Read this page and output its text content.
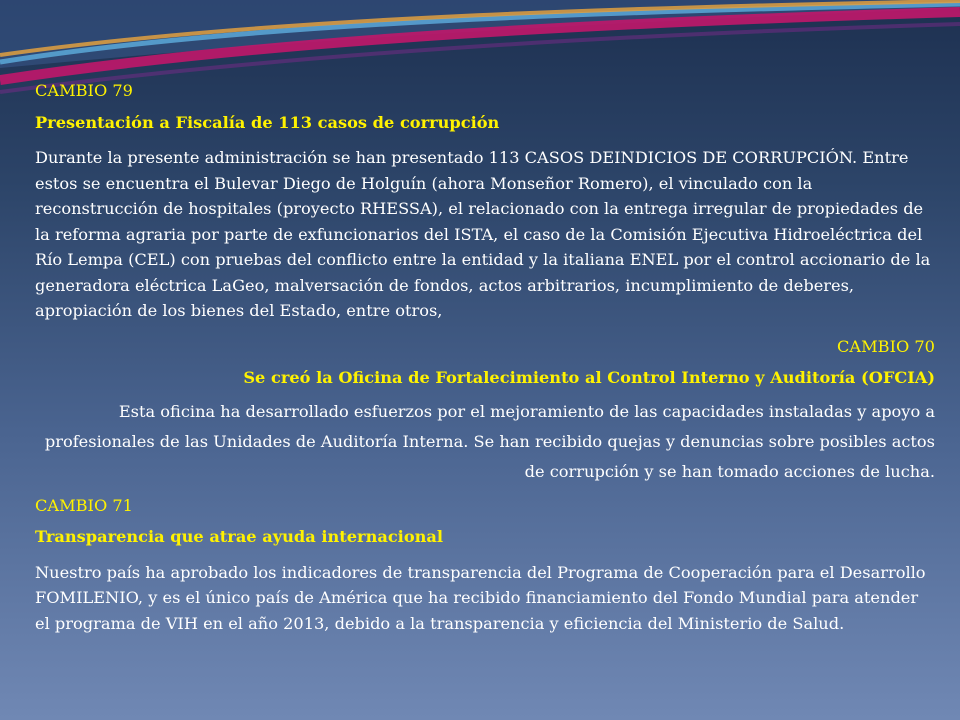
CAMBIO 79

Presentación a Fiscalía de 113 casos de corrupción

Durante la presente administración se han presentado 113 CASOS DEINDICIOS DE CORRUPCIÓN. Entre estos se encuentra el Bulevar Diego de Holguín (ahora Monseñor Romero), el vinculado con la reconstrucción de hospitales (proyecto RHESSA), el relacionado con la entrega irregular de propiedades de la reforma agraria por parte de exfuncionarios del ISTA, el caso de la Comisión Ejecutiva Hidroeléctrica del Río Lempa (CEL) con pruebas del conflicto entre la entidad y la italiana ENEL por el control accionario de la generadora eléctrica LaGeo, malversación de fondos, actos arbitrarios, incumplimiento de deberes, apropiación de los bienes del Estado, entre otros,

CAMBIO 70

Se creó la Oficina de Fortalecimiento al Control Interno y Auditoría (OFCIA)

Esta oficina ha desarrollado esfuerzos por el mejoramiento de las capacidades instaladas y apoyo a profesionales de las Unidades de Auditoría Interna. Se han recibido quejas y denuncias sobre posibles actos de corrupción y se han tomado acciones de lucha.

CAMBIO 71

Transparencia que atrae ayuda internacional

Nuestro país ha aprobado los indicadores de transparencia del Programa de Cooperación para el Desarrollo FOMILENIO, y es el único país de América que ha recibido financiamiento del Fondo Mundial para atender el programa de VIH en el año 2013, debido a la transparencia y eficiencia del Ministerio de Salud.
